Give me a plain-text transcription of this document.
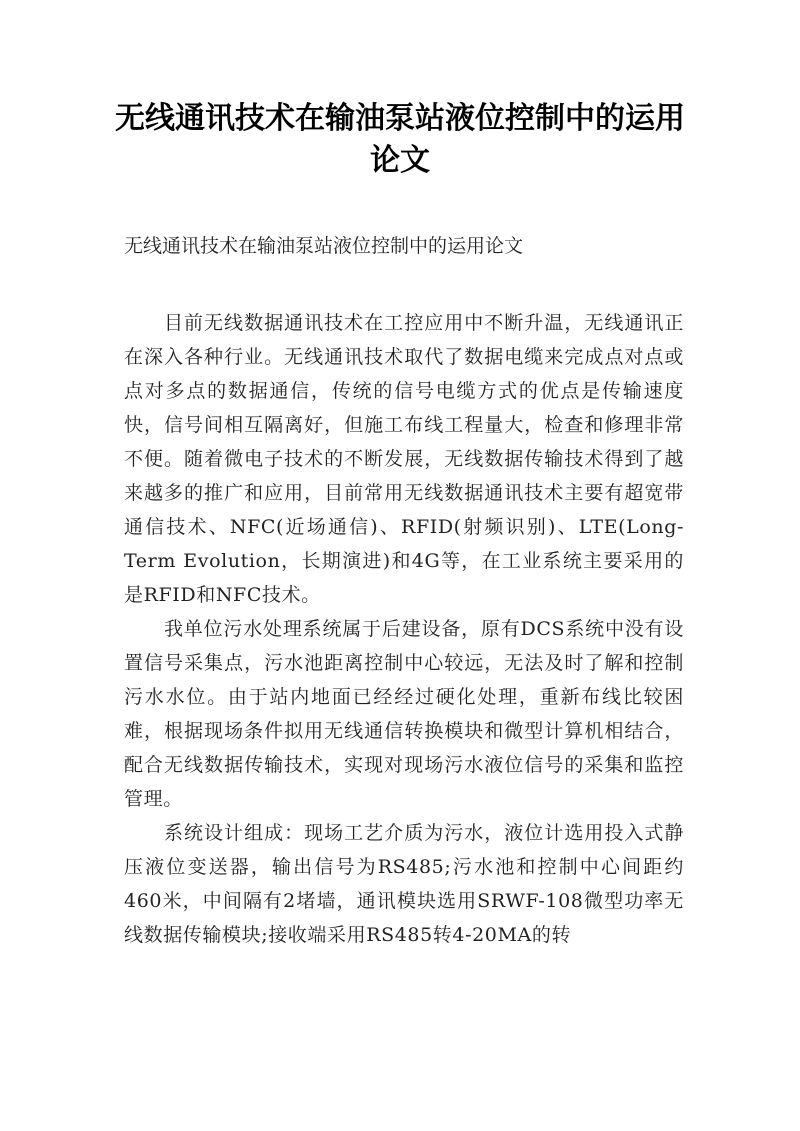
无线通讯技术在输油泵站液位控制中的运用论文

无线通讯技术在输油泵站液位控制中的运用论文

目前无线数据通讯技术在工控应用中不断升温，无线通讯正在深入各种行业。无线通讯技术取代了数据电缆来完成点对点或点对多点的数据通信，传统的信号电缆方式的优点是传输速度快，信号间相互隔离好，但施工布线工程量大，检查和修理非常不便。随着微电子技术的不断发展，无线数据传输技术得到了越来越多的推广和应用，目前常用无线数据通讯技术主要有超宽带通信技术、NFC(近场通信)、RFID(射频识别)、LTE(Long-Term Evolution，长期演进)和4G等，在工业系统主要采用的是RFID和NFC技术。

我单位污水处理系统属于后建设备，原有DCS系统中没有设置信号采集点，污水池距离控制中心较远，无法及时了解和控制污水水位。由于站内地面已经经过硬化处理，重新布线比较困难，根据现场条件拟用无线通信转换模块和微型计算机相结合，配合无线数据传输技术，实现对现场污水液位信号的采集和监控管理。

系统设计组成：现场工艺介质为污水，液位计选用投入式静压液位变送器，输出信号为RS485;污水池和控制中心间距约460米，中间隔有2堵墙，通讯模块选用SRWF-108微型功率无线数据传输模块;接收端采用RS485转4-20MA的转
